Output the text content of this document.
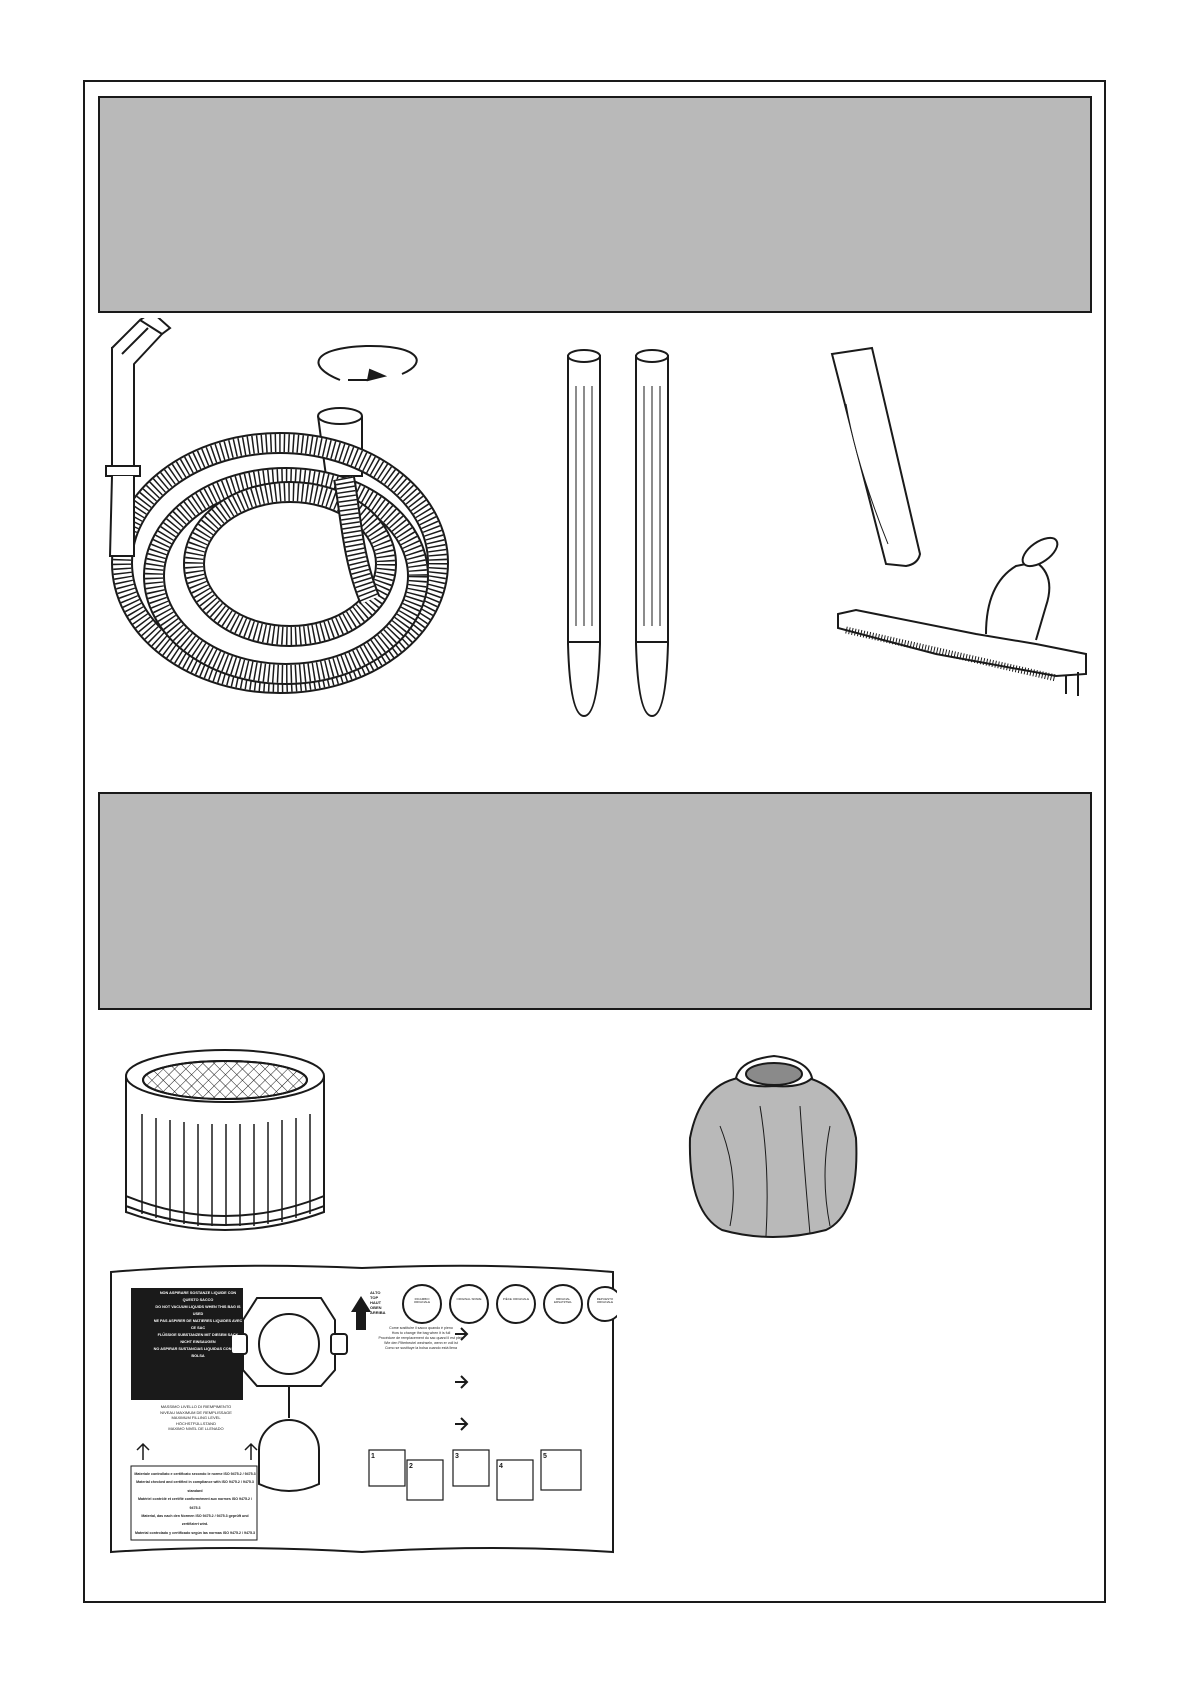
1
2
3
4
5
NON ASPIRARE SOSTANZE LIQUIDE CON QUESTO SACCO
DO NOT VACUUM LIQUIDS WHEN THIS BAG IS USED
NE PAS ASPIRER DE MATIERES LIQUIDES AVEC CE SAC
FLÜSSIGE SUBSTANZEN MIT DIESEM SACK NICHT EINSAUGEN
NO ASPIRAR SUSTANCIAS LIQUIDAS CON ESTA BOLSA
MASSIMO LIVELLO DI RIEMPIMENTO
NIVEAU MAXIMUM DE REMPLISSAGE
MAXIMUM FILLING LEVEL
HÖCHSTFÜLLSTAND
MAXIMO NIVEL DE LLENADO
Materiale controllato e certificato secondo le norme ISO 9475.2 / 9475.3
Material checked and certified in compliance with ISO 9475.2 / 9475.3 standard
Matériel contrôlé et certifié conformément aux normes ISO 9475.2 / 9475.3
Material, das nach den Normen ISO 9475.2 / 9475.3 geprüft und zertifiziert wird.
Material controlado y certificado según las normas ISO 9475.2 / 9475.3
ALTO
TOP
HAUT
OBEN
ARRIBA
RICAMBIO ORIGINALE
ORIGINAL SPARE	PIÈCE ORIGINALE	ORIGINAL ERSATZTEIL
REPUESTO ORIGINALE
Come sostituire il sacco quando è pieno
How to change the bag when it is full
Procédure de remplacement du sac quand il est plein
Wie den Filterbeutel wechseln, wenn er voll ist
Como se sustituye la bolsa cuando está llena
